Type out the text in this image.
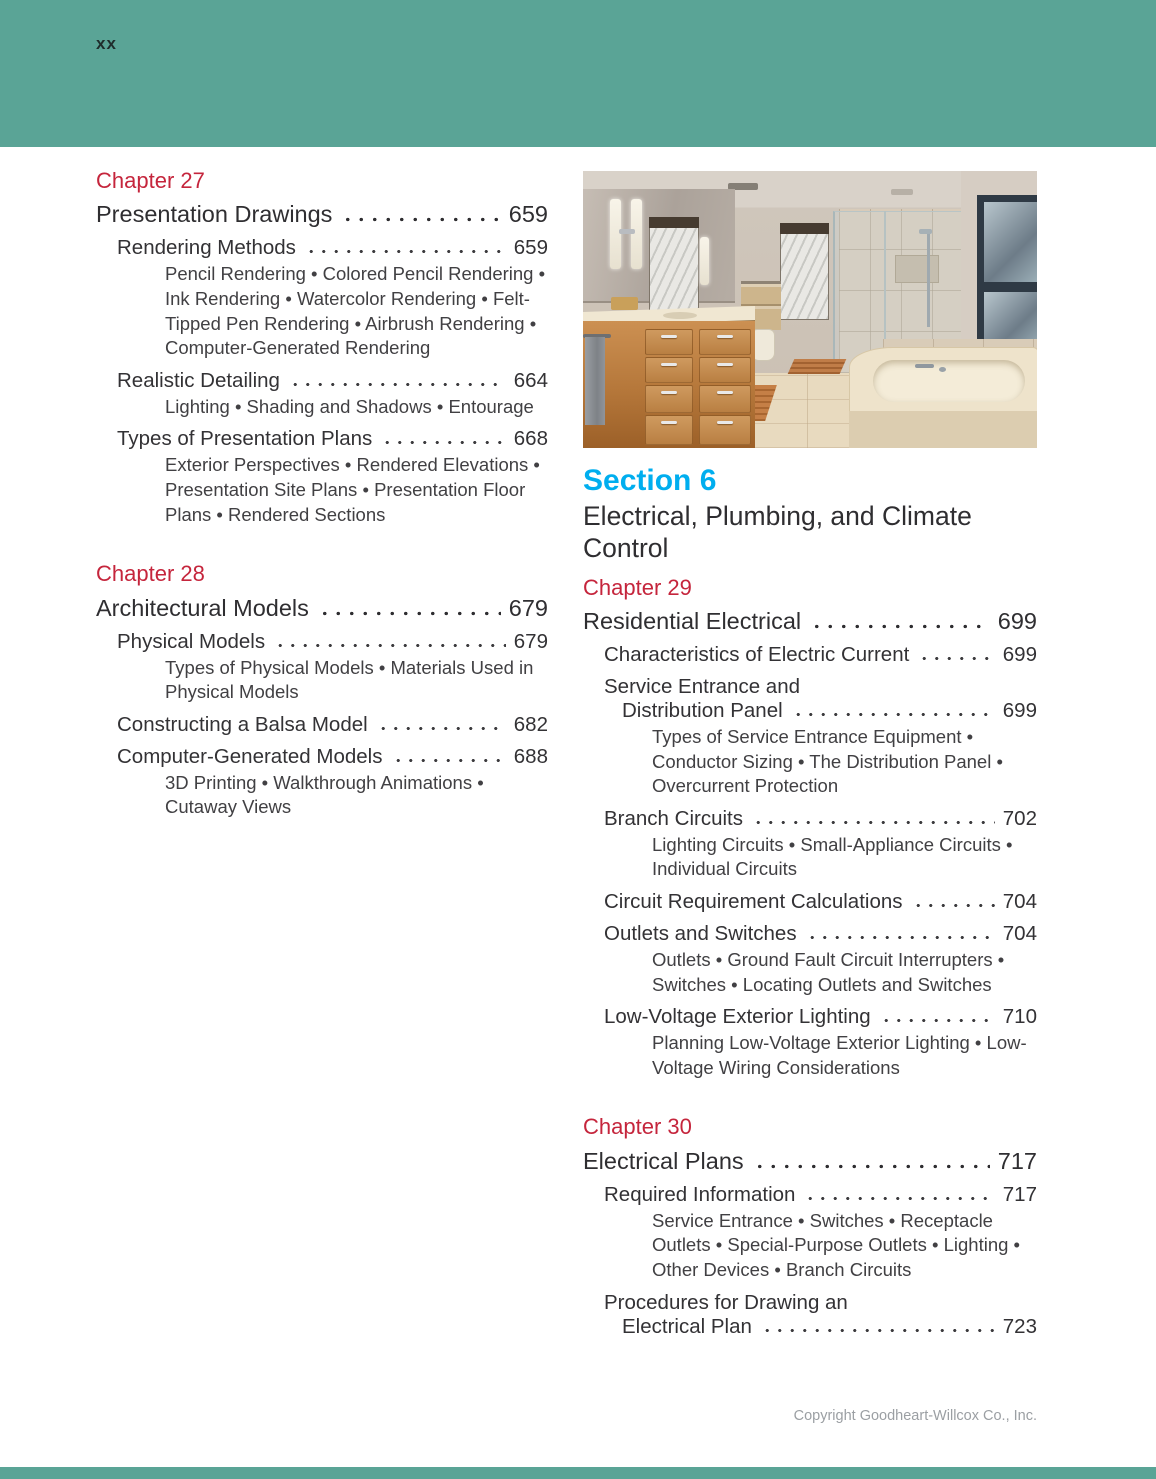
xx
Chapter 27
Presentation Drawings	659
Rendering Methods	659
Pencil Rendering • Colored Pencil Rendering • Ink Rendering • Watercolor Rendering • Felt-Tipped Pen Rendering • Airbrush Rendering • Computer-Generated Rendering
Realistic Detailing	664
Lighting • Shading and Shadows • Entourage
Types of Presentation Plans	668
Exterior Perspectives • Rendered Elevations • Presentation Site Plans • Presentation Floor Plans • Rendered Sections
Chapter 28
Architectural Models	679
Physical Models	679
Types of Physical Models • Materials Used in Physical Models
Constructing a Balsa Model	682
Computer-Generated Models	688
3D Printing • Walkthrough Animations • Cutaway Views
Section 6
Electrical, Plumbing, and Climate Control
Chapter 29
Residential Electrical	699
Characteristics of Electric Current	699
Service Entrance and
Distribution Panel	699
Types of Service Entrance Equipment • Conductor Sizing • The Distribution Panel • Overcurrent Protection
Branch Circuits	702
Lighting Circuits • Small-Appliance Circuits • Individual Circuits
Circuit Requirement Calculations	704
Outlets and Switches	704
Outlets • Ground Fault Circuit Interrupters • Switches • Locating Outlets and Switches
Low-Voltage Exterior Lighting	710
Planning Low-Voltage Exterior Lighting • Low-Voltage Wiring Considerations
Chapter 30
Electrical Plans	717
Required Information	717
Service Entrance • Switches • Receptacle Outlets • Special-Purpose Outlets • Lighting • Other Devices • Branch Circuits
Procedures for Drawing an
Electrical Plan	723
Copyright Goodheart-Willcox Co., Inc.
